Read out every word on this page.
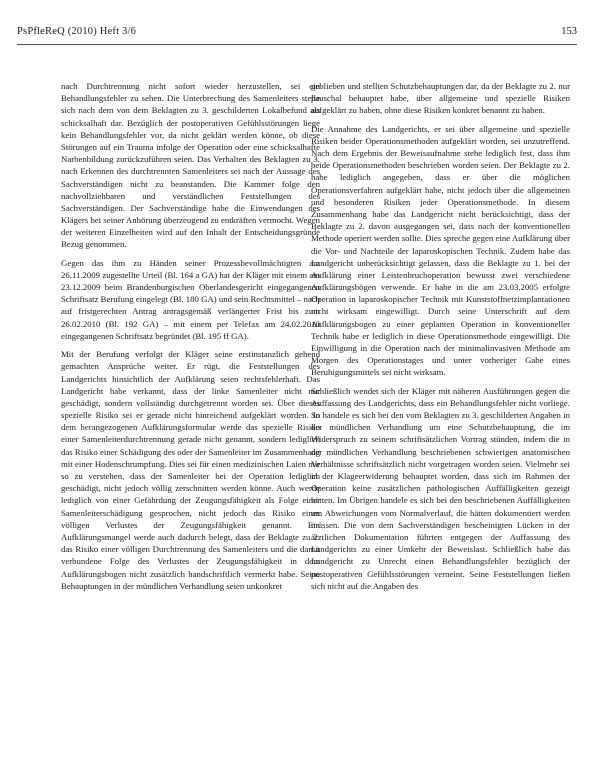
PsPfleReQ (2010) Heft 3/6	153

nach Durchtrennung nicht sofort wieder herzustellen, sei ein Behandlungsfehler zu sehen. Die Unterbrechung des Samenleiters stelle sich nach dem von dem Beklagten zu 3. geschilderten Lokalbefund als schicksalhaft dar. Bezüglich der postoperativen Gefühlsstörungen liege kein Behandlungsfehler vor, da nicht geklärt werden könne, ob diese Störungen auf ein Trauma infolge der Operation oder eine schicksalhafte Narbenbildung zurückzuführen seien. Das Verhalten des Beklagten zu 3. nach Erkennen des durchtrennten Samenleiters sei nach der Aussage des Sachverständigen nicht zu beanstanden. Die Kammer folge den nachvollziehbaren und verständlichen Feststellungen des Sachverständigen. Der Sachverständige habe die Einwendungen des Klägers bei seiner Anhörung überzeugend zu entkräften vermocht. Wegen der weiteren Einzelheiten wird auf den Inhalt der Entscheidungsgründe Bezug genommen.

Gegen das ihm zu Händen seiner Prozessbevollmächtigten am 26.11.2009 zugestellte Urteil (Bl. 164 a GA) hat der Kläger mit einem am 23.12.2009 beim Brandenburgischen Oberlandesgericht eingegangenen Schriftsatz Berufung eingelegt (Bl. 180 GA) und sein Rechtsmittel – nach auf fristgerechten Antrag antragsgemäß verlängerter Frist bis zum 26.02.2010 (Bl. 192 GA) – mit einem per Telefax am 24.02.2010 eingegangenen Schriftsatz begründet (Bl. 195 ff GA).

Mit der Berufung verfolgt der Kläger seine erstinstanzlich gehend gemachten Ansprüche weiter. Er rügt, die Feststellungen des Landgerichts hinsichtlich der Aufklärung seien rechtsfehlerhaft. Das Landgericht habe verkannt, dass der linke Samenleiter nicht nur geschädigt, sondern vollständig durchgetrennt worden sei. Über dieses spezielle Risiko sei er gerade nicht hinreichend aufgeklärt worden. In dem herangezogenen Aufklärungsformular werde das spezielle Risiko einer Samenleiterdurchtrennung gerade nicht genannt, sondern lediglich das Risiko einer Schädigung des oder der Samenleiter im Zusammenhang mit einer Hodenschrumpfung. Dies sei für einen medizinischen Laien nur so zu verstehen, dass der Samenleiter bei der Operation lediglich geschädigt, nicht jedoch völlig zerschnitten werden könne. Auch werde lediglich von einer Gefährdung der Zeugungsfähigkeit als Folge einer Samenleiterschädigung gesprochen, nicht jedoch das Risiko eines völligen Verlustes der Zeugungsfähigkeit genannt. Ein Aufklärungsmangel werde auch dadurch belegt, dass der Beklagte zu 2. das Risiko einer völligen Durchtrennung des Samenleiters und die damit verbundene Folge des Verlustes der Zeugungsfähigkeit in dem Aufklärungsbogen nicht zusätzlich handschriftlich vermerkt habe. Seine Behauptungen in der mündlichen Verhandlung seien unkonkret

geblieben und stellten Schutzbehauptungen dar, da der Beklagte zu 2. nur pauschal behauptet habe, über allgemeine und spezielle Risiken aufgeklärt zu haben, ohne diese Risiken konkret benannt zu haben.

Die Annahme des Landgerichts, er sei über allgemeine und spezielle Risiken beider Operationsmethoden aufgeklärt worden, sei unzutreffend. Nach dem Ergebnis der Beweisaufnahme stehe lediglich fest, dass ihm beide Operationsmethoden beschrieben worden seien. Der Beklagte zu 2. habe lediglich angegeben, dass er über die möglichen Operationsverfahren aufgeklärt habe, nicht jedoch über die allgemeinen und besonderen Risiken jeder Operationsmethode. In diesem Zusammenhang habe das Landgericht nicht berücksichtigt, dass der Beklagte zu 2. davon ausgegangen sei, dass nach der konventionellen Methode operiert werden sollte. Dies spreche gegen eine Aufklärung über die Vor- und Nachteile der laparoskopischen Technik. Zudem habe das Landgericht unberücksichtigt gelassen, dass die Beklagte zu 1. bei der Aufklärung einer Leistenbruchoperation bewusst zwei verschiedene Aufklärungsbögen verwende. Er habe in die am 23.03.2005 erfolgte Operation in laparoskopischer Technik mit Kunststoffnetzimplantationen nicht wirksam eingewilligt. Durch seine Unterschrift auf dem Aufklärungsbogen zu einer geplanten Operation in konventioneller Technik habe er lediglich in diese Operationsmethode eingewilligt. Die Einwilligung in die Operation nach der minimalinvasiven Methode am Morgen des Operationstages und unter vorheriger Gabe eines Beruhigungsmittels sei nicht wirksam.

Schließlich wendet sich der Kläger mit näheren Ausführungen gegen die Auffassung des Landgerichts, dass ein Behandlungsfehler nicht vorliege. So handele es sich bei den vom Beklagten zu 3. geschilderten Angaben in der mündlichen Verhandlung um eine Schutzbehauptung, die im Widerspruch zu seinem schriftsätzlichen Vortrag stünden, indem die in der mündlichen Verhandlung beschriebenen schwierigen anatomischen Verhältnisse schriftsätzlich nicht vorgetragen worden seien. Vielmehr sei in der Klageerwiderung behauptet worden, dass sich im Rahmen der Operation keine zusätzlichen pathologischen Auffälligkeiten gezeigt hätten. Im Übrigen handele es sich bei den beschriebenen Auffälligkeiten um Abweichungen vom Normalverlauf, die hätten dokumentiert werden müssen. Die von dem Sachverständigen bescheinigten Lücken in der ärztlichen Dokumentation führten entgegen der Auffassung des Landgerichts zu einer Umkehr der Beweislast. Schließlich habe das Landgericht zu Unrecht einen Behandlungsfehler bezüglich der postoperativen Gefühlsstörungen verneint. Seine Feststellungen ließen sich nicht auf die Angaben des
